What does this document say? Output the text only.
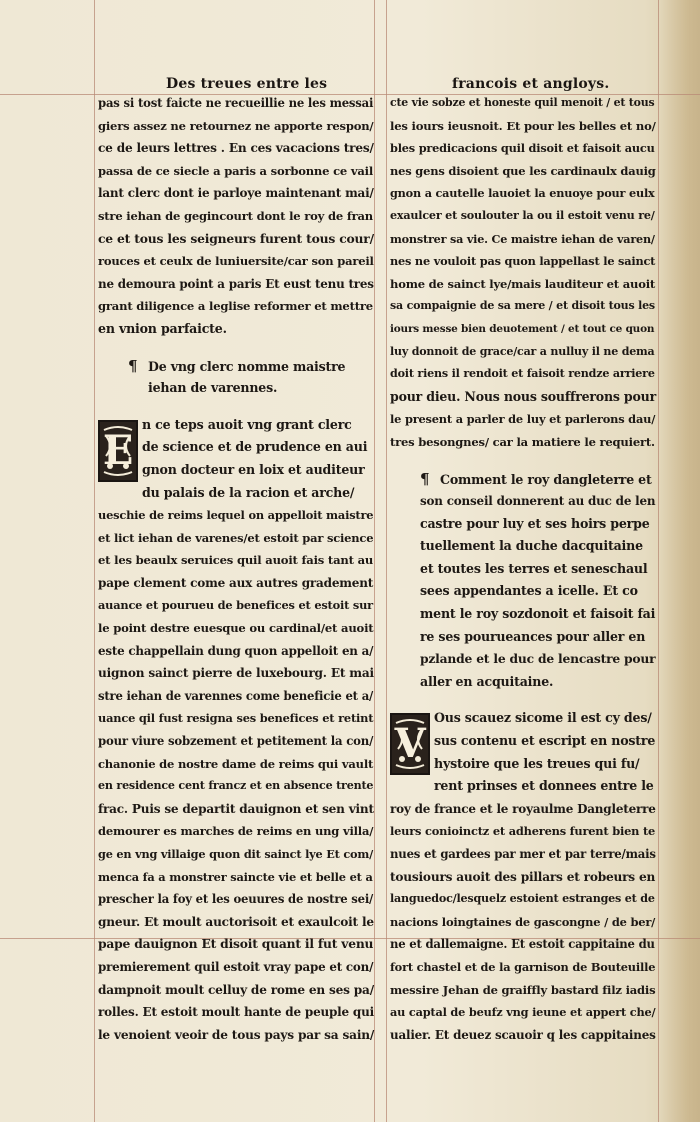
Des treues entre les	francois et angloys.
pas si tost faicte ne recueillie ne les messai
giers assez ne retournez ne apporte respon/
ce de leurs lettres . En ces vacacions tres/
passa de ce siecle a paris a sorbonne ce vail
lant clerc dont ie parloye maintenant mai/
stre iehan de gegincourt dont le roy de fran
ce et tous les seigneurs furent tous cour/
rouces et ceulx de luniuersite/car son pareil
ne demoura point a paris Et eust tenu tres
grant diligence a leglise reformer et mettre
en vnion parfaicte.
¶ De vng clerc nomme maistre
iehan de varennes.
E
n ce teps auoit vng grant clerc
de science et de prudence en aui
gnon docteur en loix et auditeur
du palais de la racion et arche/
ueschie de reims lequel on appelloit maistre
et lict iehan de varenes/et estoit par science
et les beaulx seruices quil auoit fais tant au
pape clement come aux autres gradement
auance et pourueu de benefices et estoit sur
le point destre euesque ou cardinal/et auoit
este chappellain dung quon appelloit en a/
uignon sainct pierre de luxebourg. Et mai
stre iehan de varennes come beneficie et a/
uance qil fust resigna ses benefices et retint
pour viure sobzement et petitement la con/
chanonie de nostre dame de reims qui vault
en residence cent francz et en absence trente
frac. Puis se departit dauignon et sen vint
demourer es marches de reims en ung villa/
ge en vng villaige quon dit sainct lye Et com/
menca fa a monstrer saincte vie et belle et a
prescher la foy et les oeuures de nostre sei/
gneur. Et moult auctorisoit et exaulcoit le
pape dauignon Et disoit quant il fut venu
premierement quil estoit vray pape et con/
dampnoit moult celluy de rome en ses pa/
rolles. Et estoit moult hante de peuple qui
le venoient veoir de tous pays par sa sain/
cte vie sobze et honeste quil menoit / et tous
les iours ieusnoit. Et pour les belles et no/
bles predicacions quil disoit et faisoit aucu
nes gens disoient que les cardinaulx dauig
gnon a cautelle lauoiet la enuoye pour eulx
exaulcer et soulouter la ou il estoit venu re/
monstrer sa vie. Ce maistre iehan de varen/
nes ne vouloit pas quon lappellast le sainct
home de sainct lye/mais lauditeur et auoit
sa compaignie de sa mere / et disoit tous les
iours messe bien deuotement / et tout ce quon
luy donnoit de grace/car a nulluy il ne dema
doit riens il rendoit et faisoit rendze arriere
pour dieu. Nous nous souffrerons pour
le present a parler de luy et parlerons dau/
tres besongnes/ car la matiere le requiert.
¶ Comment le roy dangleterre et
son conseil donnerent au duc de len
castre pour luy et ses hoirs perpe
tuellement la duche dacquitaine
et toutes les terres et seneschaul
sees appendantes a icelle. Et co
ment le roy sozdonoit et faisoit fai
re ses pourueances pour aller en
pzlande et le duc de lencastre pour
aller en acquitaine.
V
Ous scauez sicome il est cy des/
sus contenu et escript en nostre
hystoire que les treues qui fu/
rent prinses et donnees entre le
roy de france et le royaulme Dangleterre
leurs conioinctz et adherens furent bien te
nues et gardees par mer et par terre/mais
tousiours auoit des pillars et robeurs en
languedoc/lesquelz estoient estranges et de
nacions loingtaines de gascongne / de ber/
ne et dallemaigne. Et estoit cappitaine du
fort chastel et de la garnison de Bouteuille
messire Jehan de graiffly bastard filz iadis
au captal de beufz vng ieune et appert che/
ualier. Et deuez scauoir q les cappitaines
